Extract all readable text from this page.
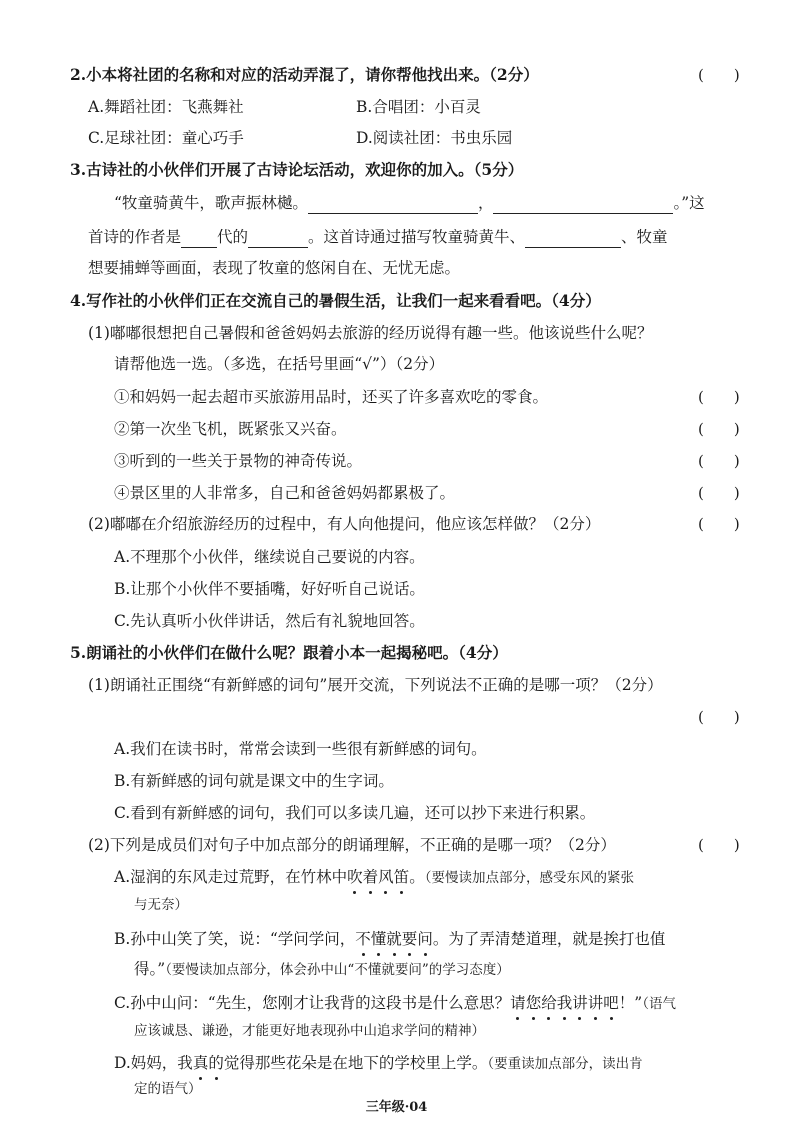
2.小本将社团的名称和对应的活动弄混了，请你帮他找出来。（2分）	(　　)
A.舞蹈社团：飞燕舞社	B.合唱团：小百灵
C.足球社团：童心巧手	D.阅读社团：书虫乐园
3.古诗社的小伙伴们开展了古诗论坛活动，欢迎你的加入。（5分）
“牧童骑黄牛，歌声振林樾。	，	。”这
首诗的作者是 代的	。这首诗通过描写牧童骑黄牛、	、牧童
想要捕蝉等画面，表现了牧童的悠闲自在、无忧无虑。
4.写作社的小伙伴们正在交流自己的暑假生活，让我们一起来看看吧。（4分）
(1)嘟嘟很想把自己暑假和爸爸妈妈去旅游的经历说得有趣一些。他该说些什么呢？
请帮他选一选。（多选，在括号里画“√”）（2分）
①和妈妈一起去超市买旅游用品时，还买了许多喜欢吃的零食。	(　　)
②第一次坐飞机，既紧张又兴奋。	(　　)
③听到的一些关于景物的神奇传说。	(　　)
④景区里的人非常多，自己和爸爸妈妈都累极了。	(　　)
(2)嘟嘟在介绍旅游经历的过程中，有人向他提问，他应该怎样做？（2分）	(　　)
A.不理那个小伙伴，继续说自己要说的内容。
B.让那个小伙伴不要插嘴，好好听自己说话。
C.先认真听小伙伴讲话，然后有礼貌地回答。
5.朗诵社的小伙伴们在做什么呢？跟着小本一起揭秘吧。（4分）
(1)朗诵社正围绕“有新鲜感的词句”展开交流，下列说法不正确的是哪一项？（2分）
(　　)
A.我们在读书时，常常会读到一些很有新鲜感的词句。
B.有新鲜感的词句就是课文中的生字词。
C.看到有新鲜感的词句，我们可以多读几遍，还可以抄下来进行积累。
(2)下列是成员们对句子中加点部分的朗诵理解，不正确的是哪一项？（2分）	(　　)
A.湿润的东风走过荒野，在竹林中吹着风笛。（要慢读加点部分，感受东风的紧张
与无奈）
B.孙中山笑了笑，说：“学问学问，不懂就要问。为了弄清楚道理，就是挨打也值
得。”（要慢读加点部分，体会孙中山“不懂就要问”的学习态度）
C.孙中山问：“先生，您刚才让我背的这段书是什么意思？请您给我讲讲吧！”（语气
应该诚恳、谦逊，才能更好地表现孙中山追求学问的精神）
D.妈妈，我真的觉得那些花朵是在地下的学校里上学。（要重读加点部分，读出肯
定的语气）
三年级·04
